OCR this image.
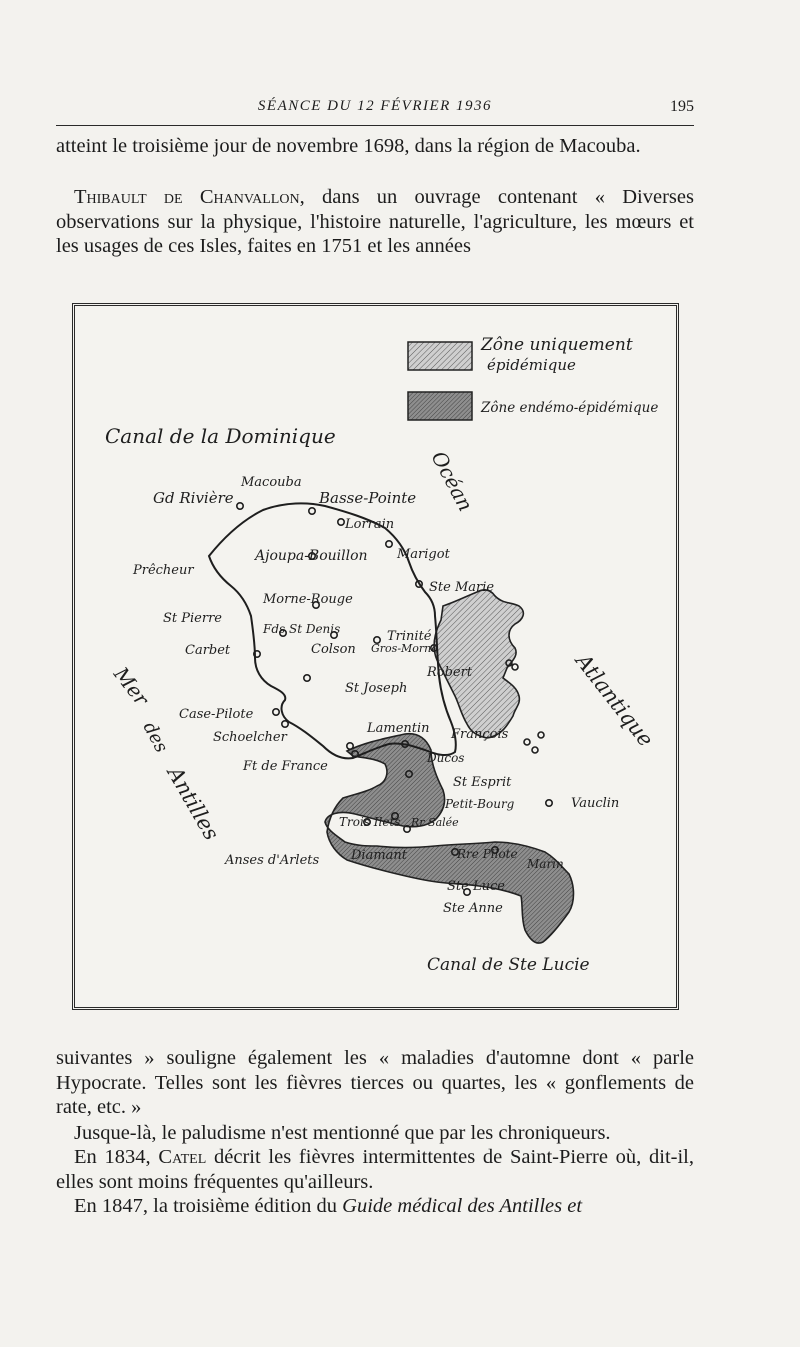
SÉANCE DU 12 FÉVRIER 1936	195

atteint le troisième jour de novembre 1698, dans la région de Macouba.

Thibault de Chanvallon, dans un ouvrage contenant « Diverses observations sur la physique, l'histoire naturelle, l'agriculture, les mœurs et les usages de ces Isles, faites en 1751 et les années

Zône uniquement
épidémique
Zône endémo-épidémique
Canal de la Dominique
Océan
Atlantique
Mer
des
Antilles
Canal de Ste Lucie
Macouba
Gd Rivière	Basse-Pointe
Lorrain
Ajoupa-Bouillon Marigot
Prêcheur
Ste Marie
Morne-Rouge
St Pierre
Fds St Denis	Trinité
Carbet	Colson Gros-Morne
Robert
St Joseph
Case-Pilote
Schoelcher
Lamentin François
Ft de France
Ducos
St Esprit
Vauclin
Petit-Bourg
Trois Ilets Rr Salée
Anses d'Arlets Diamant	Rre Pilote
Marin
Ste Luce
Ste Anne

suivantes » souligne également les « maladies d'automne dont « parle Hypocrate. Telles sont les fièvres tierces ou quartes, les « gonflements de rate, etc. »

Jusque-là, le paludisme n'est mentionné que par les chroniqueurs.

En 1834, Catel décrit les fièvres intermittentes de Saint-Pierre où, dit-il, elles sont moins fréquentes qu'ailleurs.

En 1847, la troisième édition du Guide médical des Antilles et
